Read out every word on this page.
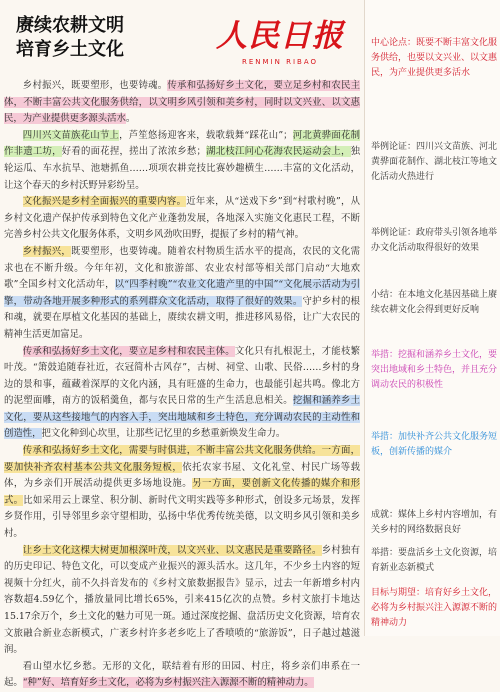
赓续农耕文明
培育乡土文化	人民日报
RENMIN RIBAO

乡村振兴，既要塑形，也要铸魂。传承和弘扬好乡土文化，要立足乡村和农民主体，不断丰富公共文化服务供给，以文明乡风引领和美乡村，同时以文兴业、以文惠民，为产业提供更多源头活水。

四川兴文苗族花山节上，芦笙悠扬迎客来，载歌载舞“踩花山”；河北黄骅面花制作非遗工坊，好看的面花捏，搓出了浓浓乡愁；湖北枝江问心花海农民运动会上，独轮运瓜、车水抗旱、池塘抓鱼……项项农耕竞技比赛妙趣横生……丰富的文化活动，让这个春天的乡村沃野异彩纷呈。

文化振兴是乡村全面振兴的重要内容。近年来，从“送戏下乡”到“村歌村晚”，从乡村文化遗产保护传承到特色文化产业蓬勃发展，各地深入实施文化惠民工程，不断完善乡村公共文化服务体系，文明乡风劲吹田野，提振了乡村的精气神。

乡村振兴，既要塑形，也要铸魂。随着农村物质生活水平的提高，农民的文化需求也在不断升级。今年年初，文化和旅游部、农业农村部等相关部门启动“大地欢歌”全国乡村文化活动年，以“四季村晚”“农业文化遗产里的中国”“文化展示活动为引擎，带动各地开展多种形式的系列群众文化活动，取得了很好的效果。守护乡村的根和魂，就要在厚植文化基因的基础上，赓续农耕文明，推进移风易俗，让广大农民的精神生活更加富足。

传承和弘扬好乡土文化，要立足乡村和农民主体。文化只有扎根泥土，才能枝繁叶茂。“箫鼓追随春社近，衣冠简朴古风存”，古树、祠堂、山歌、民俗……乡村的身边的景和事，蕴藏着深厚的文化内涵，具有旺盛的生命力，也最能引起共鸣。像北方的泥塑面雕，南方的饭稻羹鱼，都与农民日常的生产生活息息相关。挖掘和涵养乡土文化，要从这些接地气的内容入手，突出地域和乡土特色，充分调动农民的主动性和创造性，把文化种到心坎里，让那些记忆里的乡愁重新焕发生命力。

传承和弘扬好乡土文化，需要与时俱进，不断丰富公共文化服务供给。一方面，要加快补齐农村基本公共文化服务短板，依托农家书屋、文化礼堂、村民广场等载体，为乡亲们开展活动提供更多场地设施。另一方面，要创新文化传播的媒介和形式。比如采用云上课堂、积分制、新时代文明实践等多种形式，创设多元场景，发挥乡贤作用，引导邻里乡亲守望相助，弘扬中华优秀传统美德，以文明乡风引领和美乡村。

让乡土文化这棵大树更加根深叶茂，以文兴业、以文惠民是重要路径。乡村独有的历史印记、特色文化，可以变成产业振兴的源头活水。这几年，不少乡土内容的短视频十分红火，前不久抖音发布的《乡村文旅数据报告》显示，过去一年新增乡村内容数超4.59亿个，播放量同比增长65%，引来415亿次的点赞。乡村文旅打卡地达15.17余万个，乡土文化的魅力可见一斑。通过深度挖掘、盘活历史文化资源，培育农文旅融合新业态新模式，广袤乡村许多老乡吃上了香喷喷的“旅游饭”，日子越过越滋润。

看山望水忆乡愁。无形的文化，联结着有形的田园、村庄，将乡亲们串系在一起。“种”好、培育好乡土文化，必将为乡村振兴注入源源不断的精神动力。

中心论点：既要不断丰富文化服务供给，也要以文兴业、以文惠民，为产业提供更多活水
举例论证：四川兴文苗族、河北黄骅面花制作、湖北枝江等地文化活动火热进行
举例论证：政府带头引领各地举办文化活动取得很好的效果
小结：在本地文化基因基础上赓续农耕文化会得到更好反响
举措：挖掘和涵养乡土文化，要突出地域和乡土特色，并且充分调动农民的积极性
举措：加快补齐公共文化服务短板，创新传播的媒介
成就：媒体上乡村内容增加，有关乡村的网络数据良好
举措：要盘活乡土文化资源，培育新业态新模式
目标与期望：培育好乡土文化，必将为乡村振兴注入源源不断的精神动力
